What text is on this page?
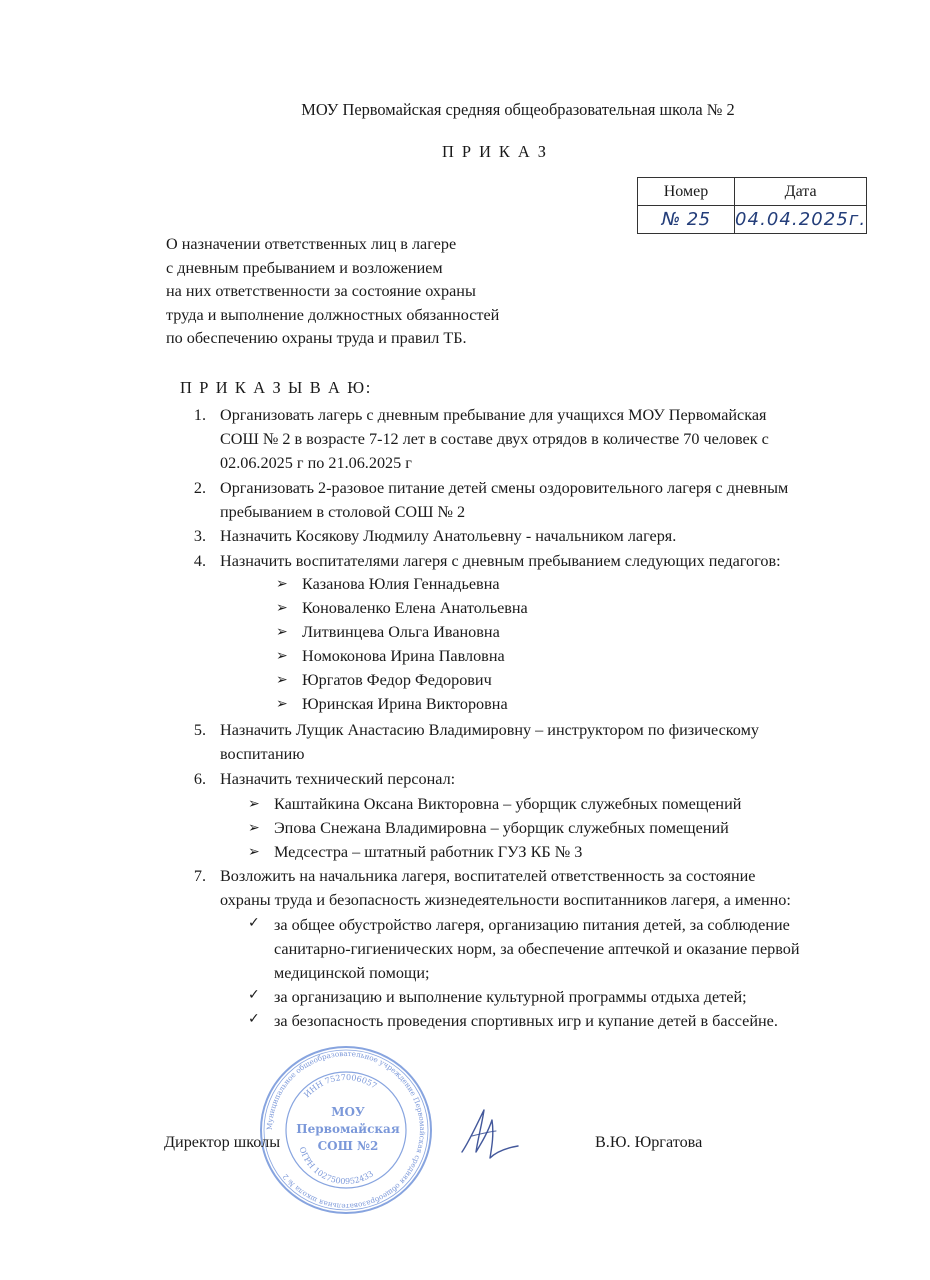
МОУ Первомайская средняя общеобразовательная школа № 2
П Р И К А З
Номер	Дата
№ 25	04.04.2025г.
О назначении ответственных лиц в лагере
с дневным пребыванием и возложением
на них ответственности за состояние охраны
труда и выполнение должностных обязанностей
по обеспечению охраны труда и правил ТБ.
П Р И К А З Ы В А Ю:
1. Организовать лагерь с дневным пребывание для учащихся МОУ Первомайская
СОШ № 2 в возрасте 7-12 лет в составе двух отрядов в количестве 70 человек с
02.06.2025 г по 21.06.2025 г
2. Организовать 2-разовое питание детей смены оздоровительного лагеря с дневным
пребыванием в столовой СОШ № 2
3. Назначить Косякову Людмилу Анатольевну - начальником лагеря.
4. Назначить воспитателями лагеря с дневным пребыванием следующих педагогов:
➢ Казанова Юлия Геннадьевна
➢ Коноваленко Елена Анатольевна
➢ Литвинцева Ольга Ивановна
➢ Номоконова Ирина Павловна
➢ Юргатов Федор Федорович
➢ Юринская Ирина Викторовна
5. Назначить Лущик Анастасию Владимировну – инструктором по физическому
воспитанию
6. Назначить технический персонал:
➢ Каштайкина Оксана Викторовна – уборщик служебных помещений
➢ Эпова Снежана Владимировна – уборщик служебных помещений
➢ Медсестра – штатный работник ГУЗ КБ № 3
7. Возложить на начальника лагеря, воспитателей ответственность за состояние
охраны труда и безопасность жизнедеятельности воспитанников лагеря, а именно:
✓ за общее обустройство лагеря, организацию питания детей, за соблюдение
санитарно-гигиенических норм, за обеспечение аптечкой и оказание первой
медицинской помощи;
✓ за организацию и выполнение культурной программы отдыха детей;
✓ за безопасность проведения спортивных игр и купание детей в бассейне.
Муниципальное общеобразовательное учреждение Первомайская средняя общеобразовательная школа № 2
ИНН 7527006057
ОГРН 1027500952433
МОУ
Первомайская
СОШ №2
Директор школы	В.Ю. Юргатова
